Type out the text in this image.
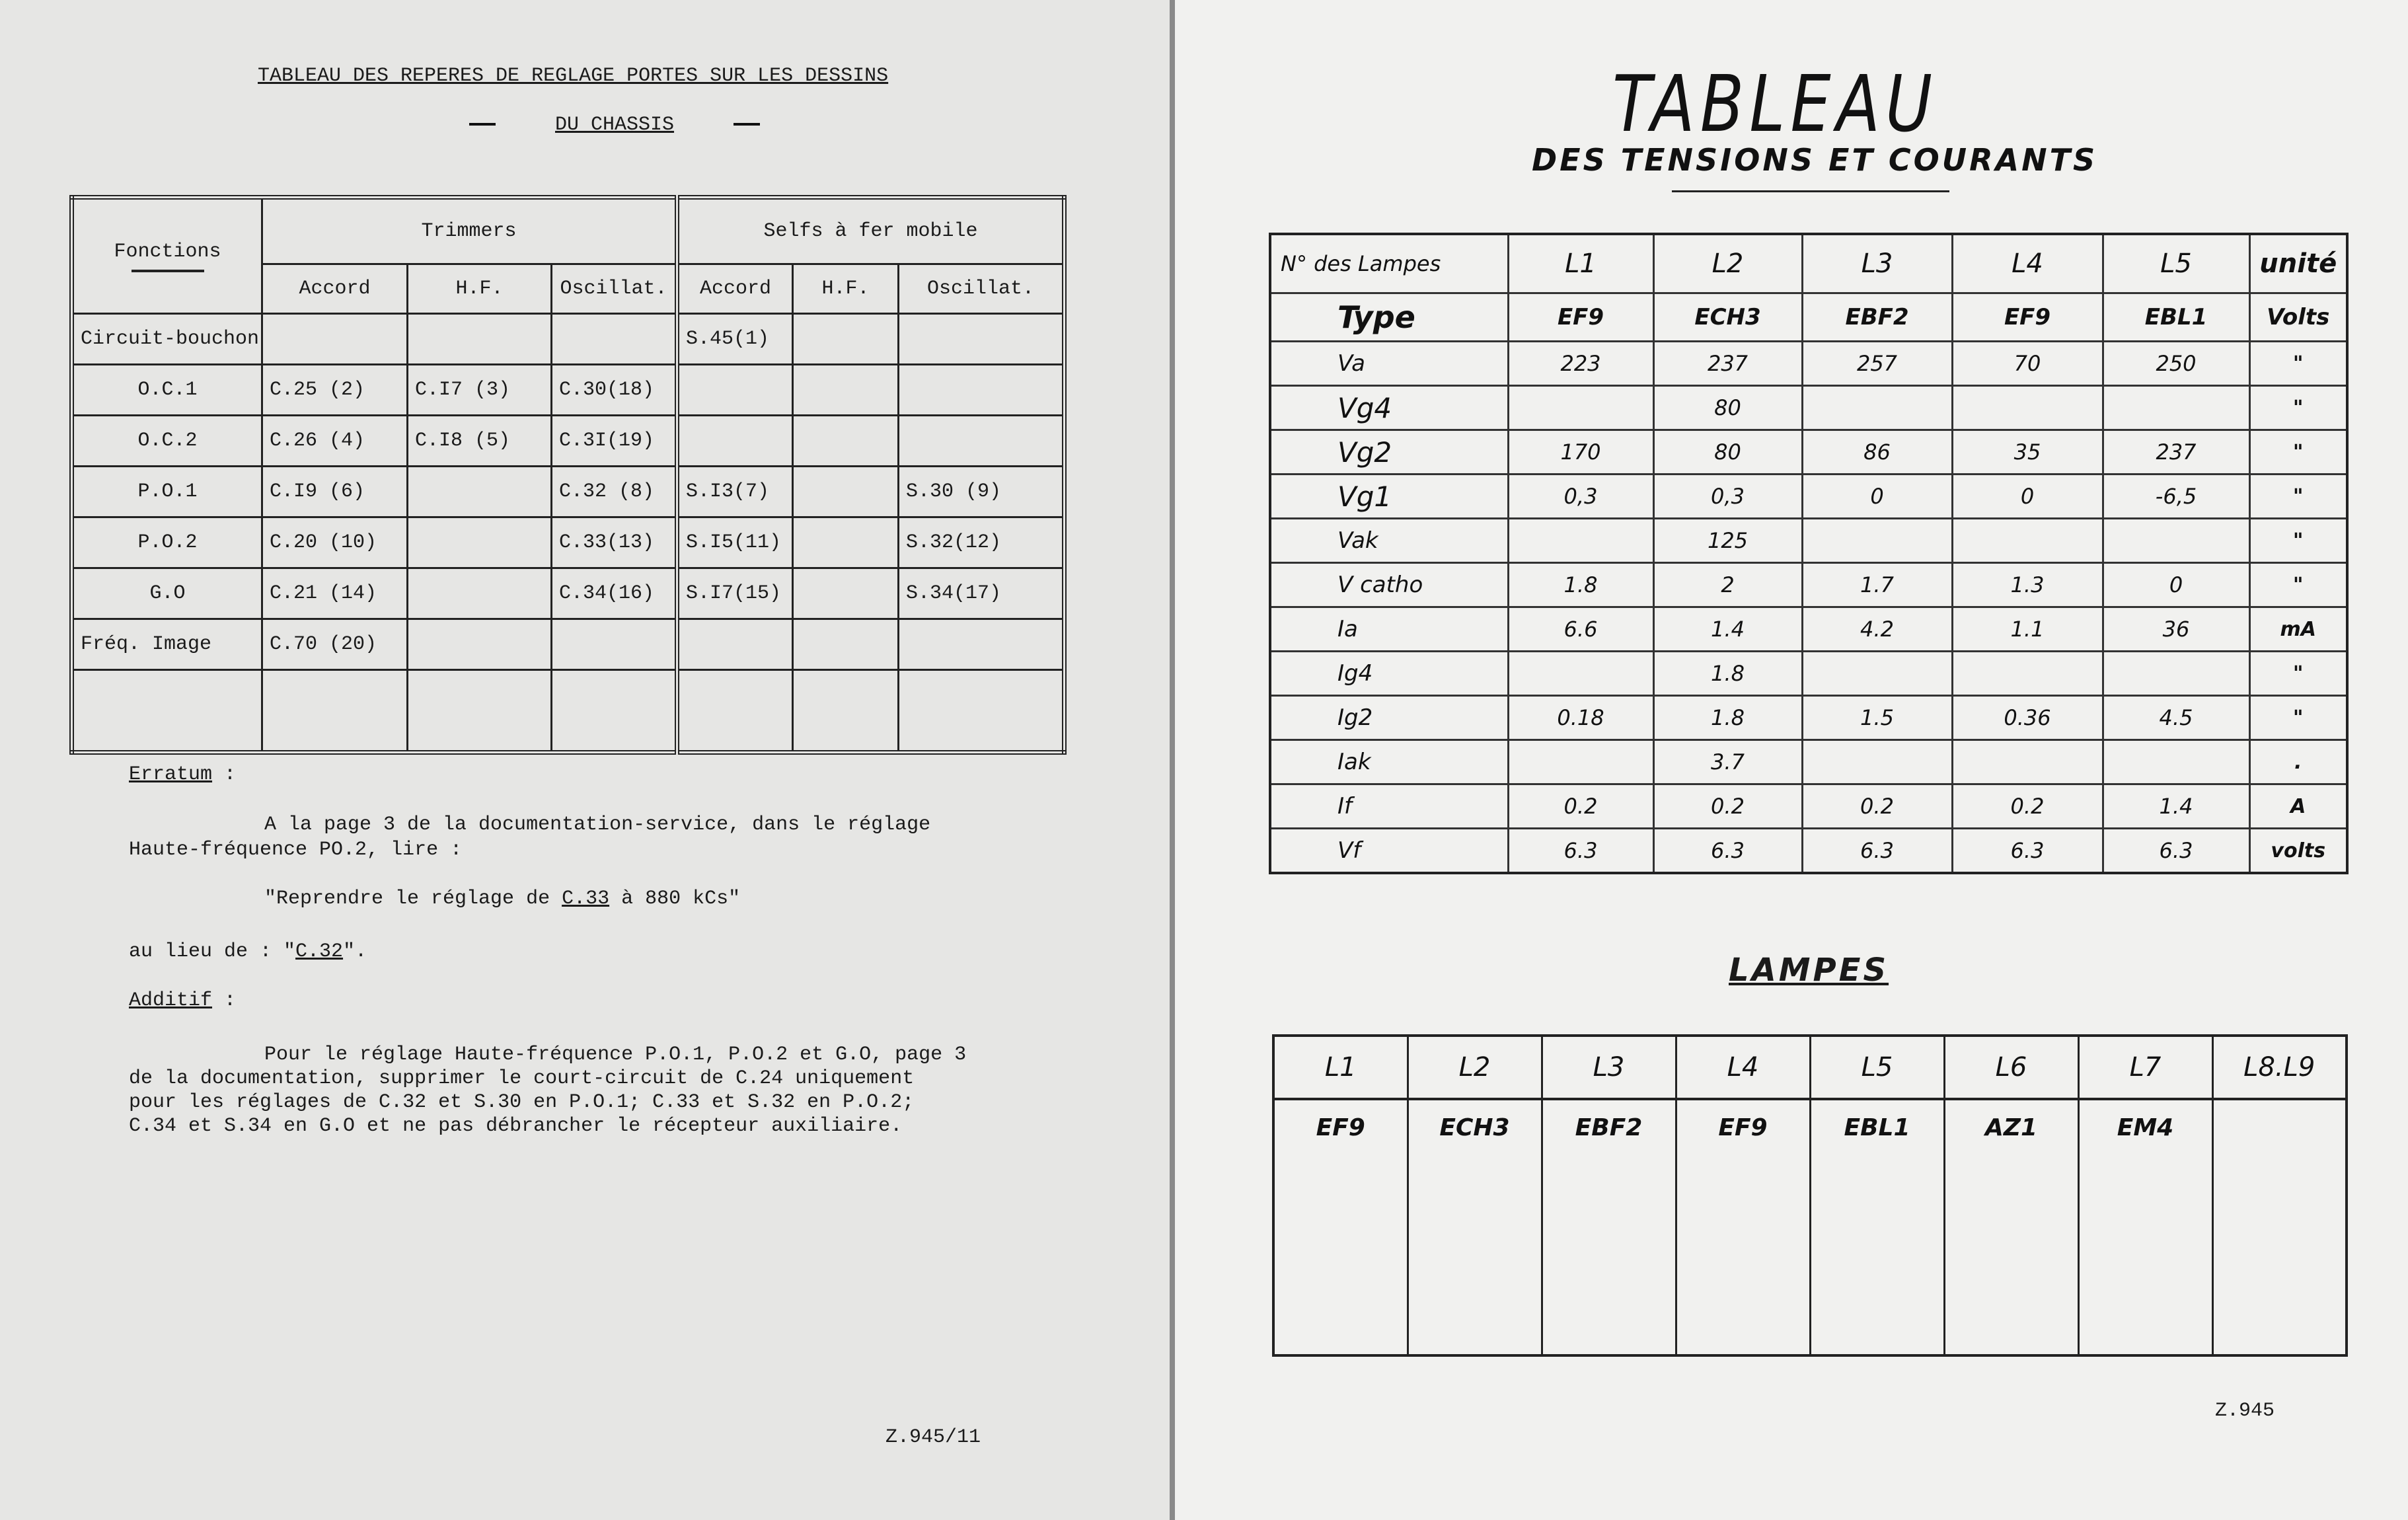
TABLEAU DES REPERES DE REGLAGE PORTES SUR LES DESSINS
DU CHASSIS
Fonctions	Trimmers			Selfs à fer mobile		
	Accord	H.F.	Oscillat.	Accord	H.F.	Oscillat.
Circuit-bouchon				S.45(1)		
O.C.1	C.25 (2)	C.I7 (3)	C.30(18)			
O.C.2	C.26 (4)	C.I8 (5)	C.3I(19)			
P.O.1	C.I9 (6)		C.32 (8)	S.I3(7)		S.30 (9)
P.O.2	C.20 (10)		C.33(13)	S.I5(11)		S.32(12)
G.O	C.21 (14)		C.34(16)	S.I7(15)		S.34(17)
Fréq. Image	C.70 (20)					

Erratum :
A la page 3 de la documentation-service, dans le réglage
Haute-fréquence PO.2, lire :
"Reprendre le réglage de C.33 à 880 kCs"
au lieu de : "C.32".
Additif :
Pour le réglage Haute-fréquence P.O.1, P.O.2 et G.O, page 3
de la documentation, supprimer le court-circuit de C.24 uniquement
pour les réglages de C.32 et S.30 en P.O.1; C.33 et S.32 en P.O.2;
C.34 et S.34 en G.O et ne pas débrancher le récepteur auxiliaire.
Z.945/11
TABLEAU
DES TENSIONS ET COURANTS
N° des Lampes	L1	L2	L3	L4	L5	unité
Type	EF9	ECH3	EBF2	EF9	EBL1	Volts
Va	223	237	257	70	250	"
Vg4		80				"
Vg2	170	80	86	35	237	"
Vg1	0,3	0,3	0	0	-6,5	"
Vak		125				"
V catho	1.8	2	1.7	1.3	0	"
Ia	6.6	1.4	4.2	1.1	36	mA
Ig4		1.8				"
Ig2	0.18	1.8	1.5	0.36	4.5	"
Iak		3.7				.
If	0.2	0.2	0.2	0.2	1.4	A
Vf	6.3	6.3	6.3	6.3	6.3	volts
LAMPES
L1	L2	L3	L4	L5	L6	L7	L8.L9
EF9	ECH3	EBF2	EF9	EBL1	AZ1	EM4	

Z.945
